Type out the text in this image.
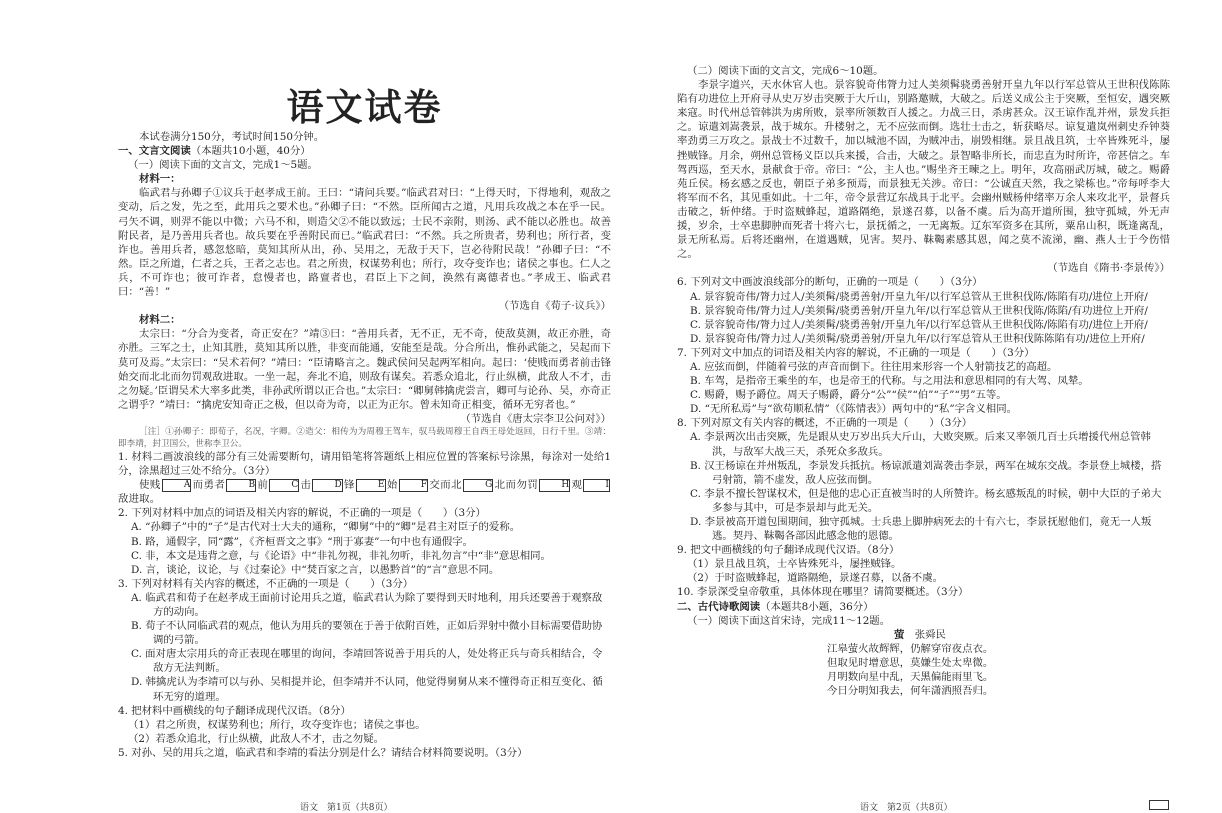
语文试卷

本试卷满分150分，考试时间150分钟。

一、文言文阅读（本题共10小题，40分）

（一）阅读下面的文言文，完成1～5题。

材料一：

临武君与孙卿子①议兵于赵孝成王前。王曰：“请问兵要。”临武君对曰：“上得天时，下得地利，观敌之变动，后之发，先之至，此用兵之要术也。”孙卿子曰：“不然。臣所闻古之道，凡用兵攻战之本在乎一民。弓矢不调，则羿不能以中微；六马不和，则造父②不能以致远；士民不亲附，则汤、武不能以必胜也。故善附民者，是乃善用兵者也。故兵要在乎善附民而已。”临武君曰：“不然。兵之所贵者，势利也；所行者，变诈也。善用兵者，感忽悠暗，莫知其所从出，孙、吴用之，无敌于天下，岂必待附民哉！”孙卿子曰：“不然。臣之所道，仁者之兵，王者之志也。君之所贵，权谋势利也；所行，攻夺变诈也；诸侯之事也。仁人之兵，不可诈也；彼可诈者，怠慢者也，路亶者也，君臣上下之间，涣然有离德者也。”孝成王、临武君曰：“善！”

（节选自《荀子·议兵》）

材料二：

太宗曰：“分合为变者，奇正安在？”靖③曰：“善用兵者，无不正，无不奇，使敌莫测，故正亦胜，奇亦胜。三军之士，止知其胜，莫知其所以胜，非变而能通，安能至是哉。分合所出，惟孙武能之，吴起而下莫可及焉。”太宗曰：“吴术若何？”靖曰：“臣请略言之。魏武侯问吴起两军相向。起曰：‘使贱而勇者前击锋始交而北北而勿罚观敌进取。一坐一起，奔北不追，则敌有谋矣。若悉众追北，行止纵横，此敌人不才，击之勿疑。’臣谓吴术大率多此类，非孙武所谓以正合也。”太宗曰：“卿舅韩擒虎尝言，卿可与论孙、吴，亦奇正之谓乎？”靖曰：“擒虎安知奇正之极，但以奇为奇，以正为正尔。曾未知奇正相变，循环无穷者也。”

（节选自《唐太宗李卫公问对》）

［注］①孙卿子：即荀子，名况，字卿。②造父：相传为为周穆王驾车，驭马载周穆王自西王母处返回，日行千里。③靖：即李靖，封卫国公，世称李卫公。

1. 材料二画波浪线的部分有三处需要断句，请用铅笔将答题纸上相应位置的答案标号涂黑，每涂对一处给1分，涂黑超过三处不给分。（3分）

使贱	A 而勇者	B 前	C 击	D 锋	E 始	F 交而北	G 北而勿罚	H 观	I敌进取。

2. 下列对材料中加点的词语及相关内容的解说，不正确的一项是（　　）（3分）

A. “孙卿子”中的“子”是古代对士大夫的通称，“卿舅”中的“卿”是君主对臣子的爱称。

B. 路，通假字，同“露”，《齐桓晋文之事》“刑于寡妻”一句中也有通假字。

C. 非，本文是违背之意，与《论语》中“非礼勿视，非礼勿听，非礼勿言”中“非”意思相同。

D. 言，谈论，议论，与《过秦论》中“焚百家之言，以愚黔首”的“言”意思不同。

3. 下列对材料有关内容的概述，不正确的一项是（　　）（3分）

A. 临武君和荀子在赵孝成王面前讨论用兵之道，临武君认为除了要得到天时地利，用兵还要善于观察敌方的动向。

B. 荀子不认同临武君的观点，他认为用兵的要领在于善于依附百姓，正如后羿射中微小目标需要借助协调的弓箭。

C. 面对唐太宗用兵的奇正表现在哪里的询问，李靖回答说善于用兵的人，处处将正兵与奇兵相结合，令敌方无法判断。

D. 韩擒虎认为李靖可以与孙、吴相提并论，但李靖并不认同，他觉得舅舅从来不懂得奇正相互变化、循环无穷的道理。

4. 把材料中画横线的句子翻译成现代汉语。（8分）

（1）君之所贵，权谋势利也；所行，攻夺变诈也；诸侯之事也。

（2）若悉众追北，行止纵横，此敌人不才，击之勿疑。

5. 对孙、吴的用兵之道，临武君和李靖的看法分别是什么？请结合材料简要说明。（3分）

（二）阅读下面的文言文，完成6～10题。

李景字道兴，天水休官人也。景容貌奇伟膂力过人美须髯骁勇善射开皇九年以行军总管从王世积伐陈陈陷有功进位上开府寻从史万岁击突厥于大斤山，别路邀贼，大破之。后送义成公主于突厥，至恒安，遇突厥来寇。时代州总管韩洪为虏所败，景率所领数百人援之。力战三日，杀虏甚众。汉王谅作乱并州，景发兵拒之。谅遣刘嵩袭景，战于城东。升楼射之，无不应弦而倒。选壮士击之，斩获略尽。谅复遣岚州刺史乔钟葵率劲勇三万攻之。景战士不过数千，加以城池不固，为贼冲击，崩毁相继。景且战且筑，士卒皆殊死斗，屡挫贼锋。月余，朔州总管杨义臣以兵来援，合击，大破之。景智略非所长，而忠直为时所许，帝甚信之。车驾西巡，至天水，景献食于帝。帝曰：“公，主人也。”赐坐齐王暕之上。明年，攻高丽武厉城，破之。赐爵苑丘侯。杨玄感之反也，朝臣子弟多预焉，而景独无关涉。帝曰：“公诚直天然，我之梁栋也。”帝每呼李大将军而不名，其见重如此。十二年，帝令景营辽东战具于北平。会幽州贼杨仲绪率万余人来攻北平，景督兵击破之，斩仲绪。于时盗贼蜂起，道路隔绝，景遂召募，以备不虞。后为高开道所围，独守孤城，外无声援，岁余，士卒患脚肿而死者十将六七，景抚循之，一无离叛。辽东军资多在其所，粟帛山积，既逢离乱，景无所私焉。后将还幽州，在道遇贼，见害。契丹、靺鞨素感其恩，闻之莫不流涕，幽、燕人士于今伤惜之。

（节选自《隋书·李景传》）

6. 下列对文中画波浪线部分的断句，正确的一项是（　　）（3分）

A. 景容貌奇伟/膂力过人/美须髯/骁勇善射/开皇九年/以行军总管从王世积伐陈/陈陷有功/进位上开府/

B. 景容貌奇伟/膂力过人/美须髯/骁勇善射/开皇九年/以行军总管从王世积伐陈/陈陷/有功进位上开府/

C. 景容貌奇伟/膂力过人/美须髯/骁勇善射/开皇九年/以行军总管从王世积伐陈/陈陷有功/进位上开府/

D. 景容貌奇伟/膂力过人/美须髯/骁勇善射/开皇九年/以行军总管从王世积伐陈陈陷有功/进位上开府/

7. 下列对文中加点的词语及相关内容的解说，不正确的一项是（　　）（3分）

A. 应弦而倒，伴随着弓弦的声音而倒下。往往用来形容一个人射箭技艺的高超。

B. 车驾，是指帝王乘坐的车，也是帝王的代称。与之用法和意思相同的有大驾、凤辇。

C. 赐爵，赐予爵位。周天子赐爵，爵分“公”“侯”“伯”“子”“男”五等。

D. “无所私焉”与“欲苟顺私情”（《陈情表》）两句中的“私”字含义相同。

8. 下列对原文有关内容的概述，不正确的一项是（　　）（3分）

A. 李景两次出击突厥，先是跟从史万岁出兵大斤山，大败突厥。后来又率领几百士兵增援代州总管韩洪，与敌军大战三天，杀死众多敌兵。

B. 汉王杨谅在并州叛乱，李景发兵抵抗。杨谅派遣刘嵩袭击李景，两军在城东交战。李景登上城楼，搭弓射箭，箭不虚发，敌人应弦而倒。

C. 李景不擅长智谋权术，但是他的忠心正直被当时的人所赞许。杨玄感叛乱的时候，朝中大臣的子弟大多参与其中，可是李景却与此无关。

D. 李景被高开道包围期间，独守孤城。士兵患上脚肿病死去的十有六七，李景抚慰他们，竟无一人叛逃。契丹、靺鞨各部因此感念他的恩德。

9. 把文中画横线的句子翻译成现代汉语。（8分）

（1）景且战且筑，士卒皆殊死斗，屡挫贼锋。

（2）于时盗贼蜂起，道路隔绝，景遂召募，以备不虞。

10. 李景深受皇帝敬重，具体体现在哪里？请简要概述。（3分）

二、古代诗歌阅读（本题共8小题，36分）

（一）阅读下面这首宋诗，完成11～12题。

萤　 张舜民

江皋萤火故辉辉，仍解穿帘夜点衣。

但取见时增意思，莫嫌生处太卑微。

月明数向星中乱，天黑偏能雨里飞。

今日分明知我去，何年潇洒照吾归。

语文　第1页（共8页）	语文　第2页（共8页）
